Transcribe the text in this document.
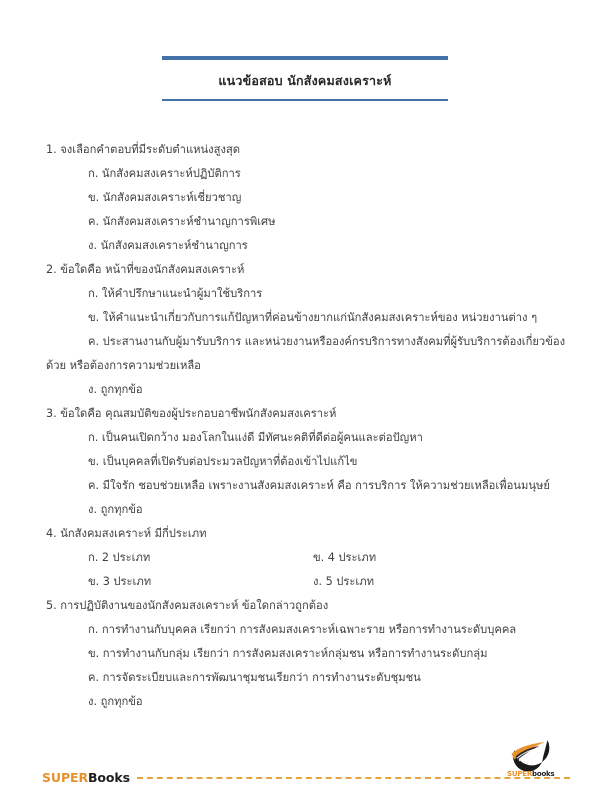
แนวข้อสอบ นักสังคมสงเคราะห์
1. จงเลือกคำตอบที่มีระดับตำแหน่งสูงสุด
ก. นักสังคมสงเคราะห์ปฏิบัติการ
ข. นักสังคมสงเคราะห์เชี่ยวชาญ
ค. นักสังคมสงเคราะห์ชำนาญการพิเศษ
ง. นักสังคมสงเคราะห์ชำนาญการ
2. ข้อใดคือ หน้าที่ของนักสังคมสงเคราะห์
ก. ให้คำปรึกษาแนะนำผู้มาใช้บริการ
ข. ให้คำแนะนำเกี่ยวกับการแก้ปัญหาที่ค่อนข้างยากแก่นักสังคมสงเคราะห์ของ หน่วยงานต่าง ๆ
ค. ประสานงานกับผู้มารับบริการ และหน่วยงานหรือองค์กรบริการทางสังคมที่ผู้รับบริการต้องเกี่ยวข้อง
ด้วย หรือต้องการความช่วยเหลือ
ง. ถูกทุกข้อ
3. ข้อใดคือ คุณสมบัติของผู้ประกอบอาชีพนักสังคมสงเคราะห์
ก. เป็นคนเปิดกว้าง มองโลกในแง่ดี มีทัศนะคติที่ดีต่อผู้คนและต่อปัญหา
ข. เป็นบุคคลที่เปิดรับต่อประมวลปัญหาที่ต้องเข้าไปแก้ไข
ค. มีใจรัก ชอบช่วยเหลือ เพราะงานสังคมสงเคราะห์ คือ การบริการ ให้ความช่วยเหลือเพื่อนมนุษย์
ง. ถูกทุกข้อ
4. นักสังคมสงเคราะห์ มีกี่ประเภท
ก. 2 ประเภท	ข. 4 ประเภท
ข. 3 ประเภท	ง. 5 ประเภท
5. การปฏิบัติงานของนักสังคมสงเคราะห์ ข้อใดกล่าวถูกต้อง
ก. การทำงานกับบุคคล เรียกว่า การสังคมสงเคราะห์เฉพาะราย หรือการทำงานระดับบุคคล
ข. การทำงานกับกลุ่ม เรียกว่า การสังคมสงเคราะห์กลุ่มชน หรือการทำงานระดับกลุ่ม
ค. การจัดระเบียบและการพัฒนาชุมชนเรียกว่า การทำงานระดับชุมชน
ง. ถูกทุกข้อ
SUPERBooks	SUPERbooks
